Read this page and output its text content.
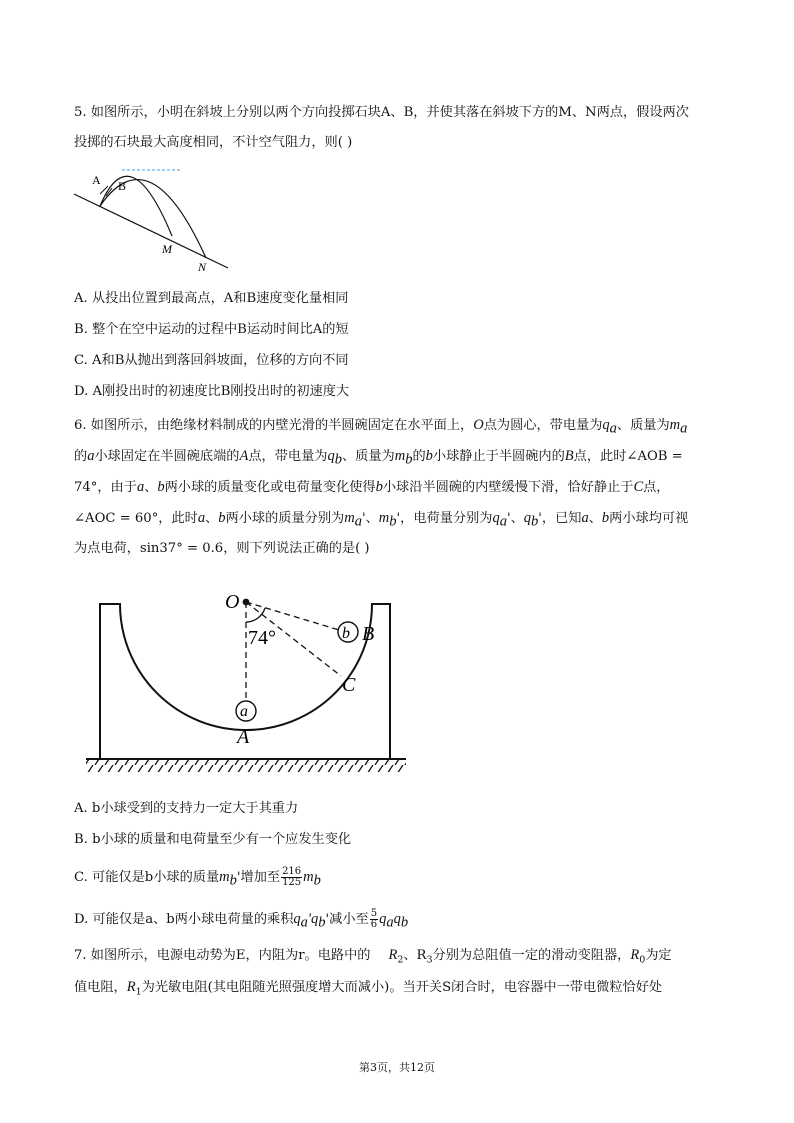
5. 如图所示，小明在斜坡上分别以两个方向投掷石块A、B，并使其落在斜坡下方的M、N两点，假设两次
投掷的石块最大高度相同，不计空气阻力，则( )
A B
M
N
A. 从投出位置到最高点，A和B速度变化量相同
B. 整个在空中运动的过程中B运动时间比A的短
C. A和B从抛出到落回斜坡面，位移的方向不同
D. A刚投出时的初速度比B刚投出时的初速度大
6. 如图所示，由绝缘材料制成的内壁光滑的半圆碗固定在水平面上，O点为圆心，带电量为$q_a$、质量为$m_a$
的a小球固定在半圆碗底端的A点，带电量为$q_b$、质量为$m_b$的b小球静止于半圆碗内的B点，此时∠AOB =
74°，由于a、b两小球的质量变化或电荷量变化使得b小球沿半圆碗的内壁缓慢下滑，恰好静止于C点，
∠AOC = 60°，此时a、b两小球的质量分别为$m_a'$、$m_b'$，电荷量分别为$q_a'$、$q_b'$，已知a、b两小球均可视
为点电荷，sin37° = 0.6，则下列说法正确的是( )
O
74°	b B
C
a
A
A. b小球受到的支持力一定大于其重力
B. b小球的质量和电荷量至少有一个应发生变化
C. 可能仅是b小球的质量$m_b'$增加至 $\frac{216}{125} m_b$
D. 可能仅是a、b两小球电荷量的乘积$q_a'q_b'$减小至 $\frac{5}{6} q_aq_b$
7. 如图所示，电源电动势为E，内阻为r。电路中的 $R_2$、$R_3$分别为总阻值一定的滑动变阻器，$R_0$为定
值电阻，$R_1$为光敏电阻(其电阻随光照强度增大而减小)。当开关S闭合时，电容器中一带电微粒恰好处
第3页，共12页
